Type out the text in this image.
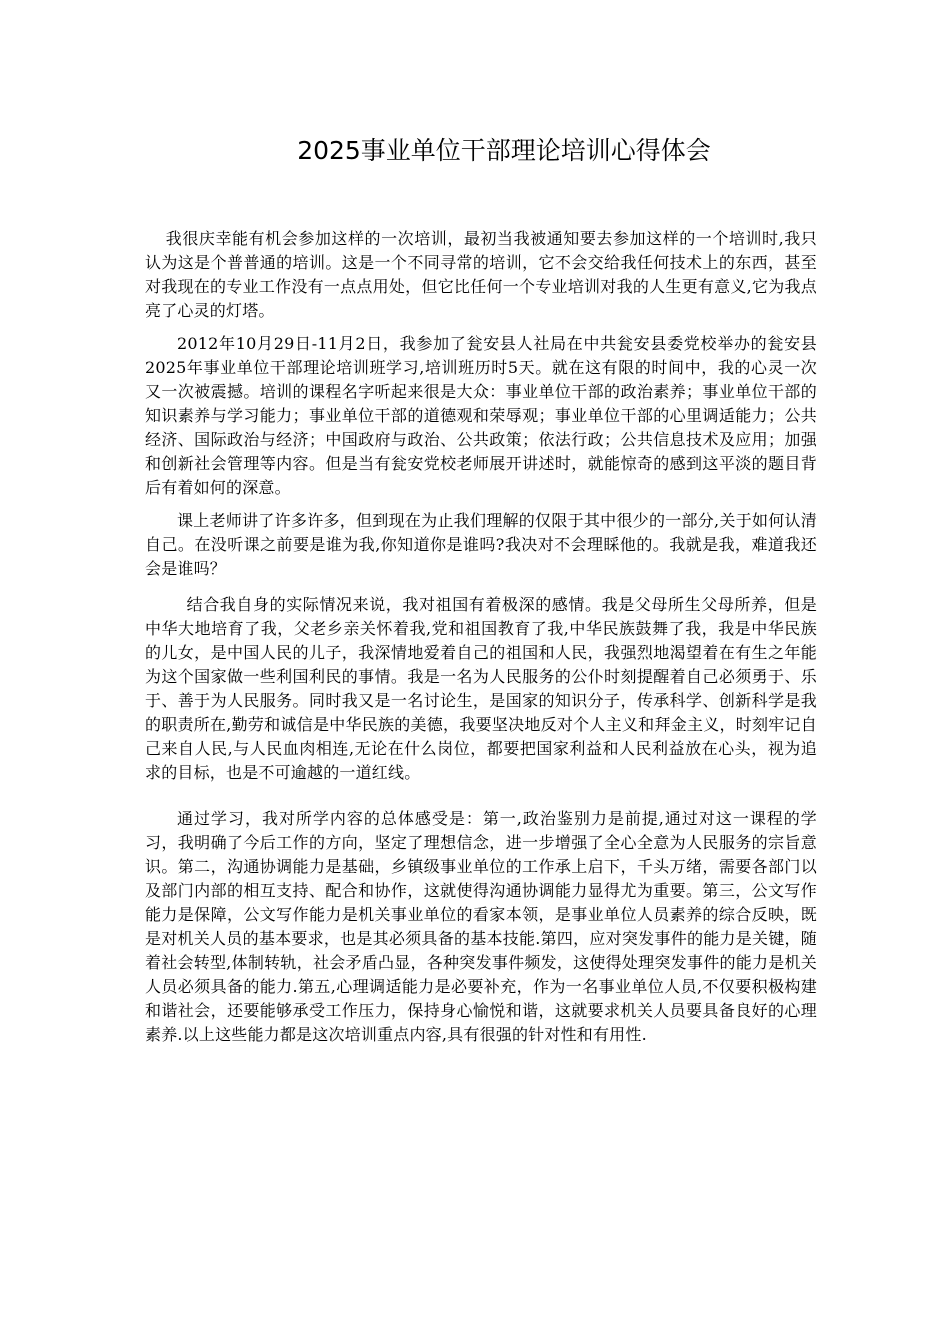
2025事业单位干部理论培训心得体会

我很庆幸能有机会参加这样的一次培训，最初当我被通知要去参加这样的一个培训时,我只认为这是个普普通的培训。这是一个不同寻常的培训，它不会交给我任何技术上的东西，甚至对我现在的专业工作没有一点点用处，但它比任何一个专业培训对我的人生更有意义,它为我点亮了心灵的灯塔。

2012年10月29日-11月2日，我参加了瓮安县人社局在中共瓮安县委党校举办的瓮安县2025年事业单位干部理论培训班学习,培训班历时5天。就在这有限的时间中，我的心灵一次又一次被震撼。培训的课程名字听起来很是大众：事业单位干部的政治素养；事业单位干部的知识素养与学习能力；事业单位干部的道德观和荣辱观；事业单位干部的心里调适能力；公共经济、国际政治与经济；中国政府与政治、公共政策；依法行政；公共信息技术及应用；加强和创新社会管理等内容。但是当有瓮安党校老师展开讲述时，就能惊奇的感到这平淡的题目背后有着如何的深意。

课上老师讲了许多许多，但到现在为止我们理解的仅限于其中很少的一部分,关于如何认清自己。在没听课之前要是谁为我,你知道你是谁吗?我决对不会理睬他的。我就是我，难道我还会是谁吗？

结合我自身的实际情况来说，我对祖国有着极深的感情。我是父母所生父母所养，但是中华大地培育了我，父老乡亲关怀着我,党和祖国教育了我,中华民族鼓舞了我，我是中华民族的儿女，是中国人民的儿子，我深情地爱着自己的祖国和人民，我强烈地渴望着在有生之年能为这个国家做一些利国利民的事情。我是一名为人民服务的公仆时刻提醒着自己必须勇于、乐于、善于为人民服务。同时我又是一名讨论生，是国家的知识分子，传承科学、创新科学是我的职责所在,勤劳和诚信是中华民族的美德，我要坚决地反对个人主义和拜金主义，时刻牢记自己来自人民,与人民血肉相连,无论在什么岗位，都要把国家利益和人民利益放在心头，视为追求的目标，也是不可逾越的一道红线。

通过学习，我对所学内容的总体感受是：第一,政治鉴别力是前提,通过对这一课程的学习，我明确了今后工作的方向，坚定了理想信念，进一步增强了全心全意为人民服务的宗旨意识。第二，沟通协调能力是基础，乡镇级事业单位的工作承上启下，千头万绪，需要各部门以及部门内部的相互支持、配合和协作，这就使得沟通协调能力显得尤为重要。第三，公文写作能力是保障，公文写作能力是机关事业单位的看家本领，是事业单位人员素养的综合反映，既是对机关人员的基本要求，也是其必须具备的基本技能.第四，应对突发事件的能力是关键，随着社会转型,体制转轨，社会矛盾凸显，各种突发事件频发，这使得处理突发事件的能力是机关人员必须具备的能力.第五,心理调适能力是必要补充，作为一名事业单位人员,不仅要积极构建和谐社会，还要能够承受工作压力，保持身心愉悦和谐，这就要求机关人员要具备良好的心理素养.以上这些能力都是这次培训重点内容,具有很强的针对性和有用性.
